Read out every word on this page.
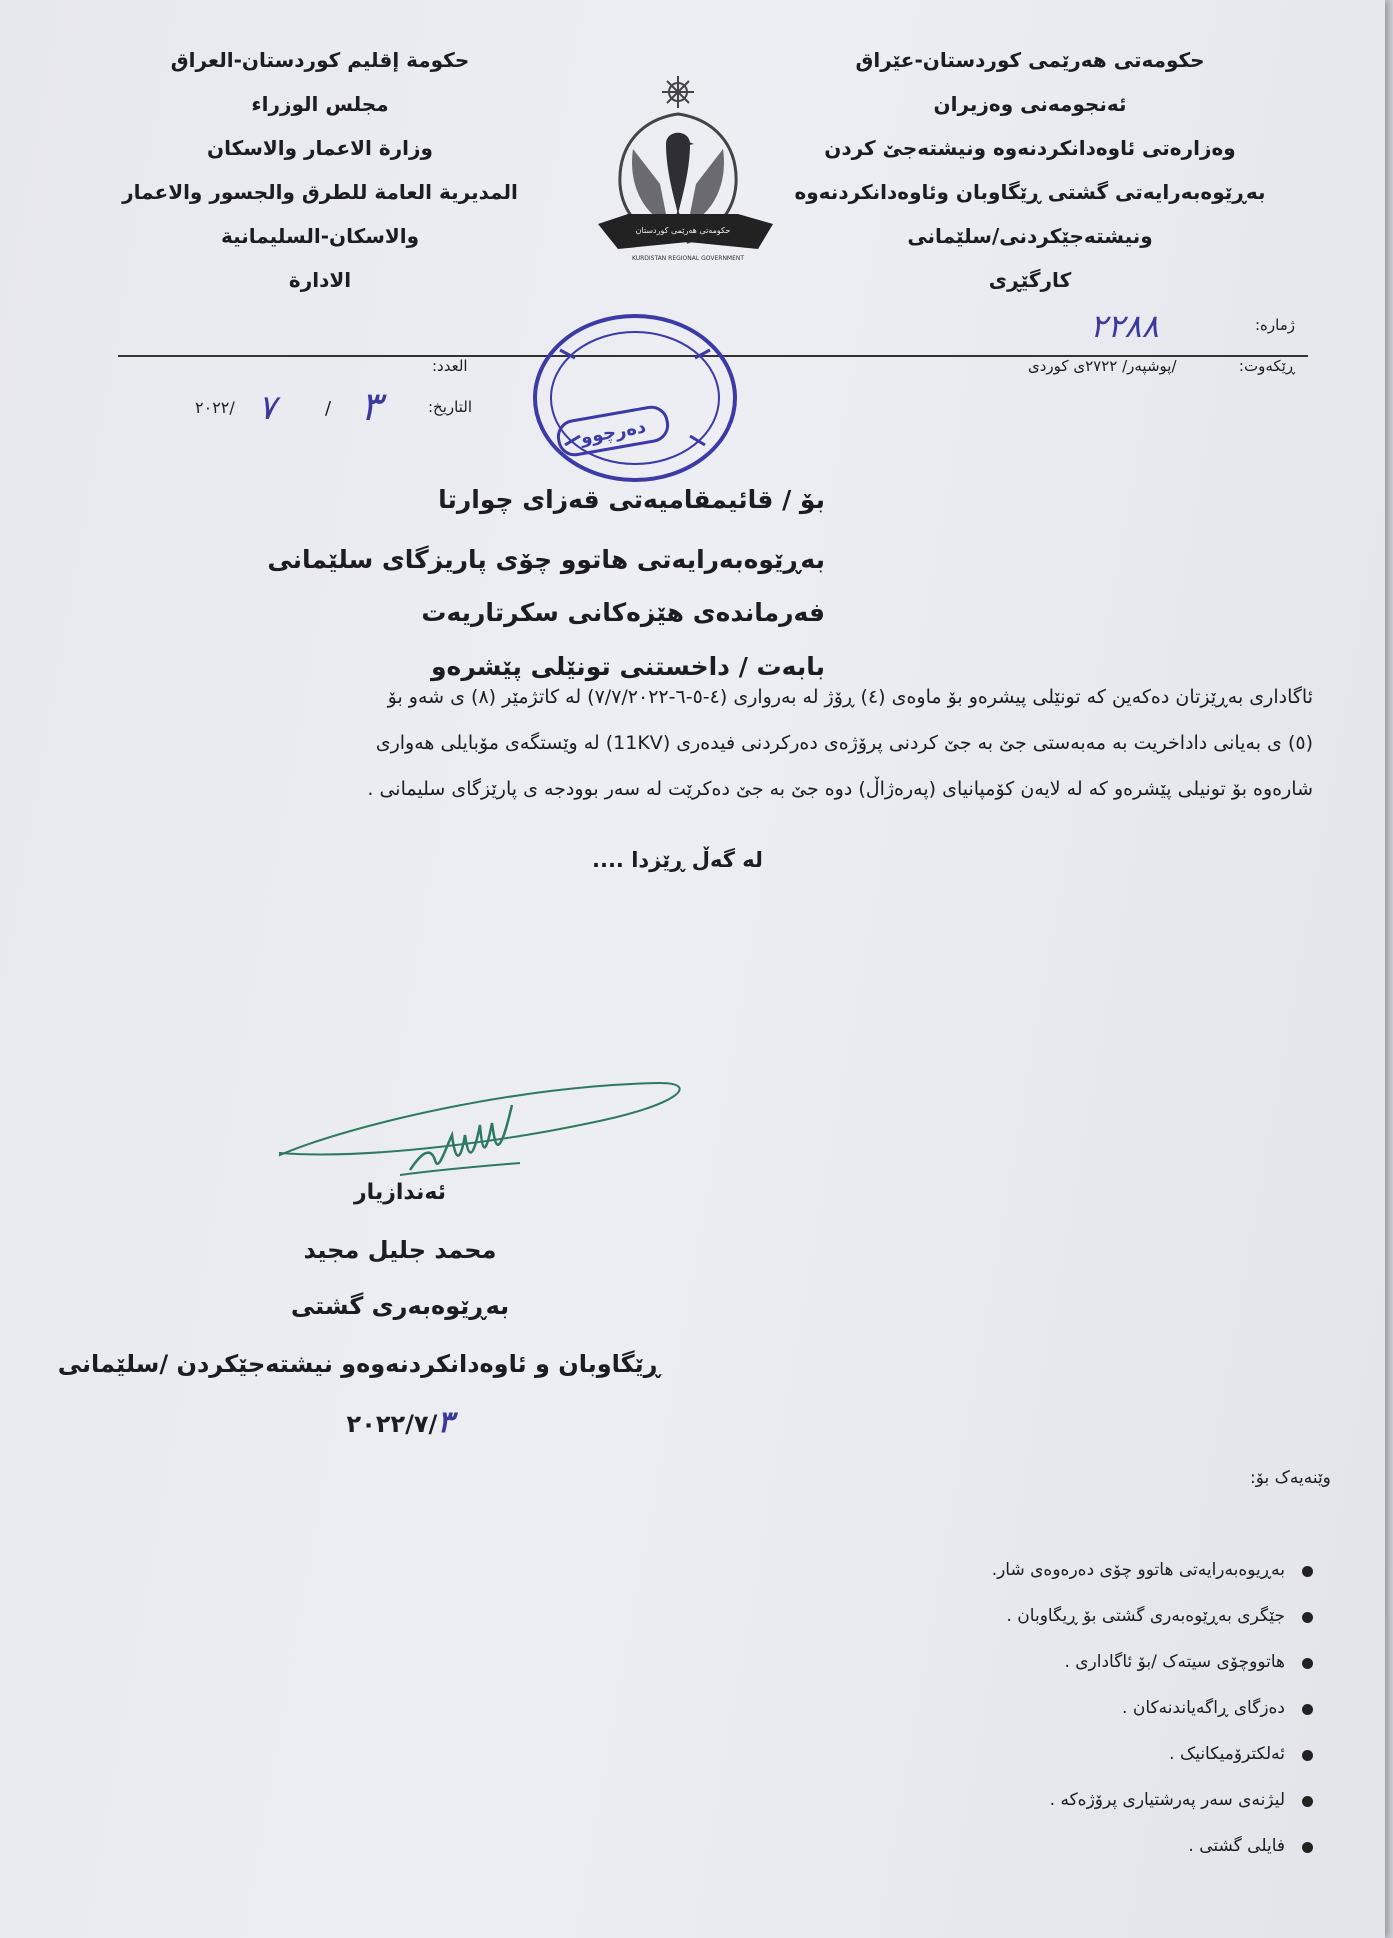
حکومەتی هەرێمی کوردستان-عێراق
ئەنجومەنی وەزیران
وەزارەتی ئاوەدانکردنەوە ونیشتەجێ کردن
بەڕێوەبەرایەتی گشتی ڕێگاوبان وئاوەدانکردنەوە
ونیشتەجێکردنی/سلێمانی
کارگێڕی
حكومة إقليم كوردستان-العراق
مجلس الوزراء
وزارة الاعمار والاسكان
المديرية العامة للطرق والجسور والاعمار
والاسكان-السليمانية
الادارة
حکومەتی هەرێمی کوردستان
KURDISTAN REGIONAL GOVERNMENT
ژمارە:
٢٢٨٨
ڕێکەوت:
/پوشپەر/ ٢٧٢٢ی کوردی
العدد:
التاريخ:
٣
/
٧
٢٠٢٢/
دەرچوو
بۆ / قائیمقامیەتی قەزای چوارتا
بەڕێوەبەرایەتی هاتوو چۆی پاریزگای سلێمانی
فەرماندەی هێزەکانی سکرتاریەت
بابەت / داخستنی تونێلی پێشرەو
ئاگاداری بەڕێزتان دەکەین کە تونێلی پیشرەو بۆ ماوەی (٤) ڕۆژ لە بەرواری (٤-٥-٦-٧/٧/٢٠٢٢) لە کاتژمێر (٨) ی شەو بۆ
(٥) ی بەیانی داداخریت بە مەبەستی جێ بە جێ کردنی پرۆژەی دەرکردنی فیدەری (11KV) لە وێستگەی مۆبایلی هەواری
شارەوە بۆ تونیلی پێشرەو کە لە لایەن کۆمپانیای (پەرەژاڵ) دوە جێ بە جێ دەکرێت لە سەر بوودجە ی پارێزگای سلیمانی .
لە گەڵ ڕێزدا ....
ئەندازیار
محمد جليل مجيد
بەڕێوەبەری گشتی
ڕێگاوبان و ئاوەدانکردنەوەو نیشتەجێکردن /سلێمانی
٢٠٢٢/٧/٣
وێنەیەک بۆ:
بەڕیوەبەرایەتی هاتوو چۆی دەرەوەی شار.
جێگری بەڕێوەبەری گشتی بۆ ڕیگاوبان .
هاتووچۆی سیتەک /بۆ ئاگاداری .
دەزگای ڕاگەیاندنەکان .
ئەلکترۆمیکانیک .
لیژنەی سەر پەرشتیاری پرۆژەکە .
فایلی گشتی .
